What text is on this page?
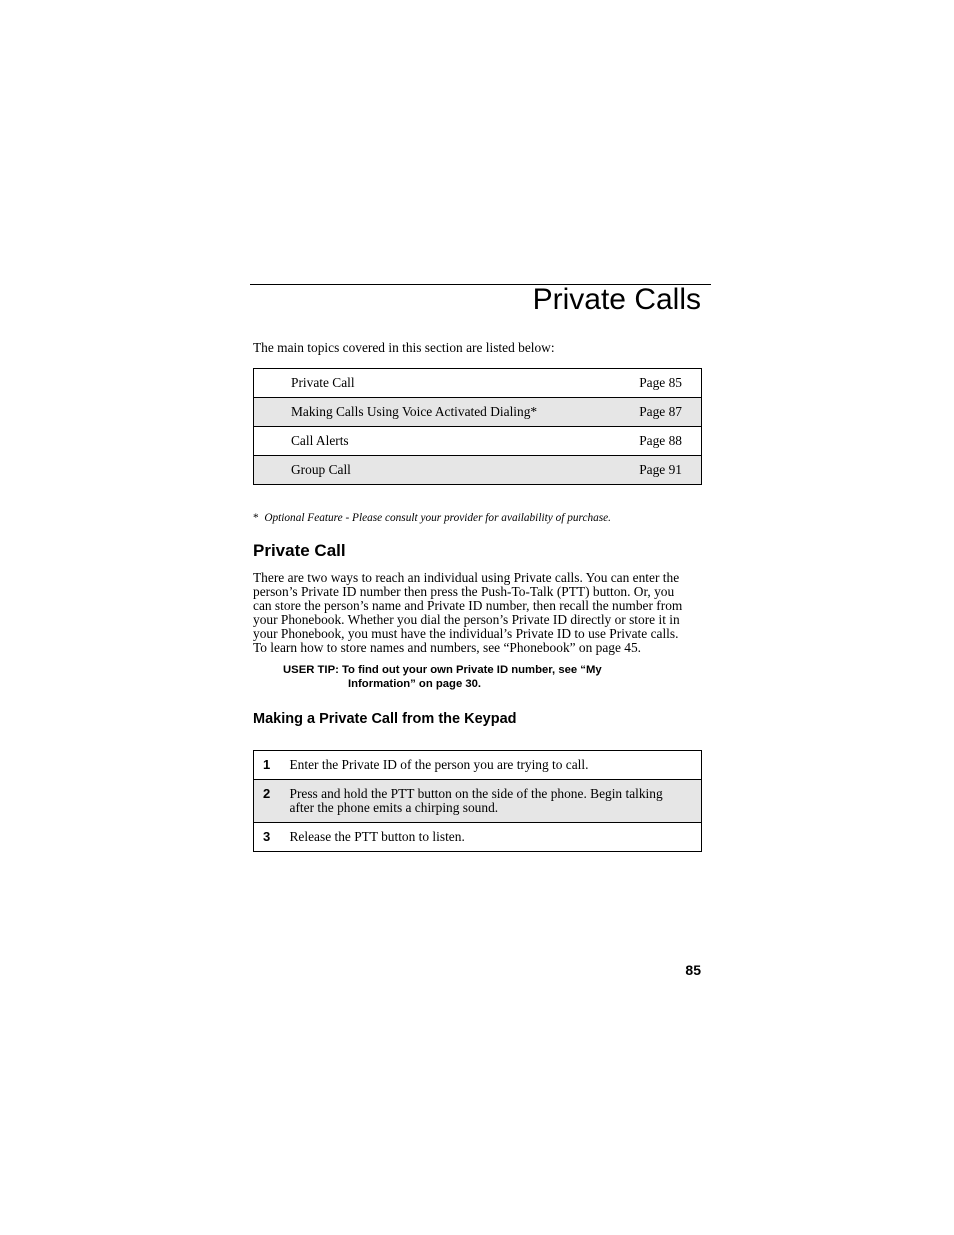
Private Calls
The main topics covered in this section are listed below:
Private Call	Page 85
Making Calls Using Voice Activated Dialing*	Page 87
Call Alerts	Page 88
Group Call	Page 91
* Optional Feature - Please consult your provider for availability of purchase.
Private Call
There are two ways to reach an individual using Private calls. You can enter the
person’s Private ID number then press the Push-To-Talk (PTT) button. Or, you
can store the person’s name and Private ID number, then recall the number from
your Phonebook. Whether you dial the person’s Private ID directly or store it in
your Phonebook, you must have the individual’s Private ID to use Private calls.
To learn how to store names and numbers, see “Phonebook” on page 45.
USER TIP: To find out your own Private ID number, see “My
Information” on page 30.
Making a Private Call from the Keypad
1	Enter the Private ID of the person you are trying to call.
2	Press and hold the PTT button on the side of the phone. Begin talking after the phone emits a chirping sound.
3	Release the PTT button to listen.
85
